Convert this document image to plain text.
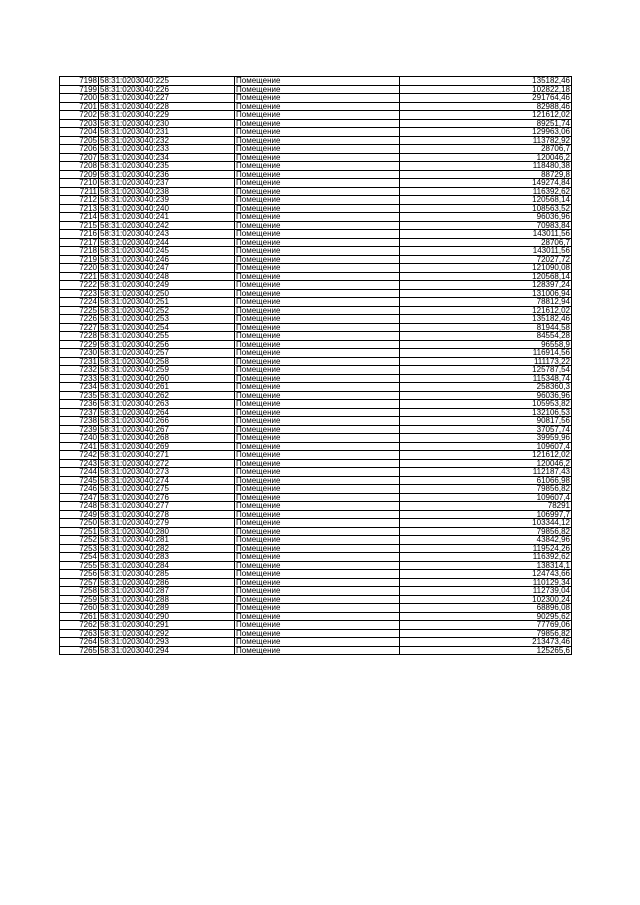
7198	58:31:0203040:225	Помещение	135182,46
7199	58:31:0203040:226	Помещение	102822,18
7200	58:31:0203040:227	Помещение	291764,46
7201	58:31:0203040:228	Помещение	82988,46
7202	58:31:0203040:229	Помещение	121612,02
7203	58:31:0203040:230	Помещение	89251,74
7204	58:31:0203040:231	Помещение	129963,06
7205	58:31:0203040:232	Помещение	113782,92
7206	58:31:0203040:233	Помещение	28706,7
7207	58:31:0203040:234	Помещение	120046,2
7208	58:31:0203040:235	Помещение	118480,38
7209	58:31:0203040:236	Помещение	88729,8
7210	58:31:0203040:237	Помещение	149274,84
7211	58:31:0203040:238	Помещение	116392,62
7212	58:31:0203040:239	Помещение	120568,14
7213	58:31:0203040:240	Помещение	108563,52
7214	58:31:0203040:241	Помещение	96036,96
7215	58:31:0203040:242	Помещение	70983,84
7216	58:31:0203040:243	Помещение	143011,56
7217	58:31:0203040:244	Помещение	28706,7
7218	58:31:0203040:245	Помещение	143011,56
7219	58:31:0203040:246	Помещение	72027,72
7220	58:31:0203040:247	Помещение	121090,08
7221	58:31:0203040:248	Помещение	120568,14
7222	58:31:0203040:249	Помещение	128397,24
7223	58:31:0203040:250	Помещение	131006,94
7224	58:31:0203040:251	Помещение	78812,94
7225	58:31:0203040:252	Помещение	121612,02
7226	58:31:0203040:253	Помещение	135182,46
7227	58:31:0203040:254	Помещение	81944,58
7228	58:31:0203040:255	Помещение	84554,28
7229	58:31:0203040:256	Помещение	96558,9
7230	58:31:0203040:257	Помещение	116914,56
7231	58:31:0203040:258	Помещение	111173,22
7232	58:31:0203040:259	Помещение	125787,54
7233	58:31:0203040:260	Помещение	115348,74
7234	58:31:0203040:261	Помещение	258360,3
7235	58:31:0203040:262	Помещение	96036,96
7236	58:31:0203040:263	Помещение	105953,82
7237	58:31:0203040:264	Помещение	132106,53
7238	58:31:0203040:266	Помещение	90817,56
7239	58:31:0203040:267	Помещение	37057,74
7240	58:31:0203040:268	Помещение	39959,96
7241	58:31:0203040:269	Помещение	109607,4
7242	58:31:0203040:271	Помещение	121612,02
7243	58:31:0203040:272	Помещение	120046,2
7244	58:31:0203040:273	Помещение	112187,43
7245	58:31:0203040:274	Помещение	61066,98
7246	58:31:0203040:275	Помещение	79856,82
7247	58:31:0203040:276	Помещение	109607,4
7248	58:31:0203040:277	Помещение	78291
7249	58:31:0203040:278	Помещение	106997,7
7250	58:31:0203040:279	Помещение	103344,12
7251	58:31:0203040:280	Помещение	79856,82
7252	58:31:0203040:281	Помещение	43842,96
7253	58:31:0203040:282	Помещение	119524,26
7254	58:31:0203040:283	Помещение	116392,62
7255	58:31:0203040:284	Помещение	138314,1
7256	58:31:0203040:285	Помещение	124743,66
7257	58:31:0203040:286	Помещение	110129,34
7258	58:31:0203040:287	Помещение	112739,04
7259	58:31:0203040:288	Помещение	102300,24
7260	58:31:0203040:289	Помещение	68896,08
7261	58:31:0203040:290	Помещение	90295,62
7262	58:31:0203040:291	Помещение	77769,06
7263	58:31:0203040:292	Помещение	79856,82
7264	58:31:0203040:293	Помещение	213473,46
7265	58:31:0203040:294	Помещение	125265,6
